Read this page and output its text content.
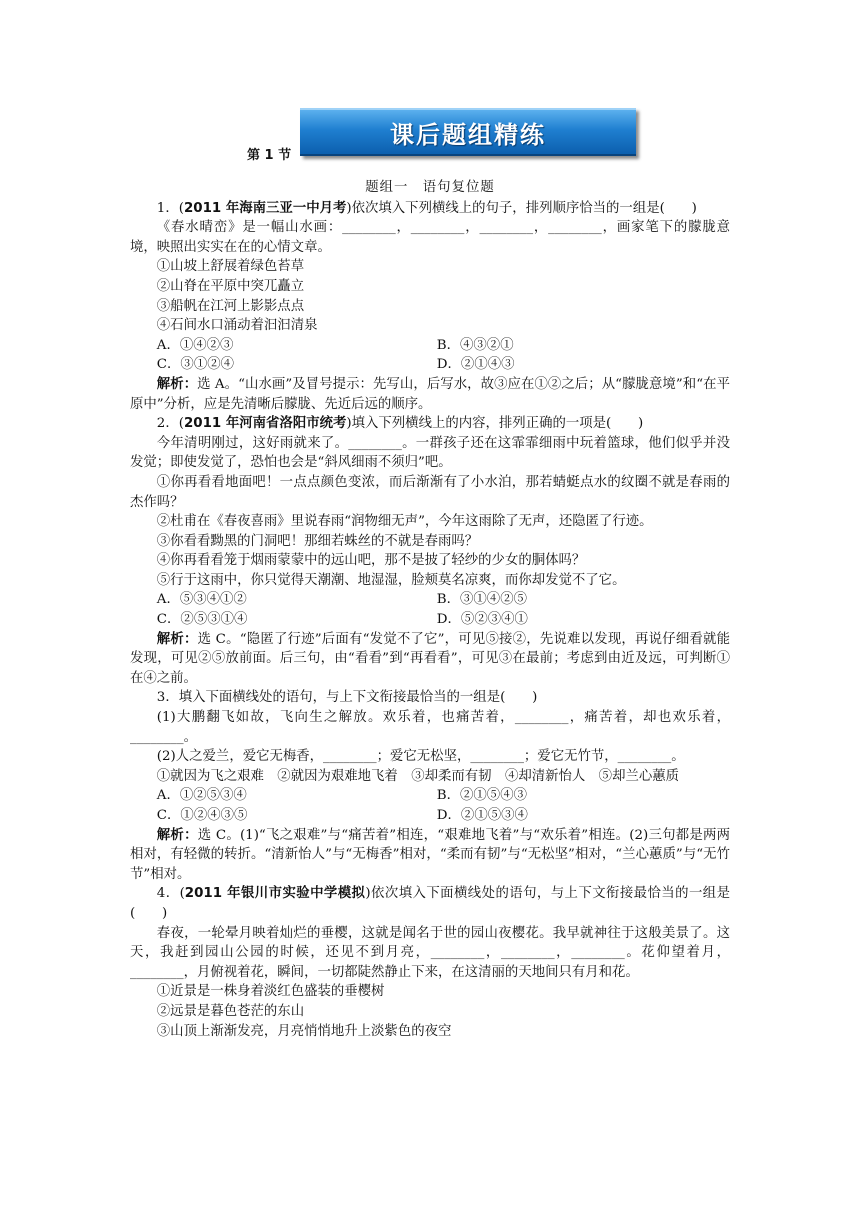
第 1 节
课后题组精练
题组一　语句复位题

1．(2011 年海南三亚一中月考)依次填入下列横线上的句子，排列顺序恰当的一组是(　　)

《春水晴峦》是一幅山水画：________，________，________，________，画家笔下的朦胧意境，映照出实实在在的心情文章。

①山坡上舒展着绿色苔草

②山脊在平原中突兀矗立

③船帆在江河上影影点点

④石间水口涌动着汩汩清泉

A．①④②③	B．④③②①
C．③①②④	D．②①④③

解析：选 A。“山水画”及冒号提示：先写山，后写水，故③应在①②之后；从“朦胧意境”和“在平原中”分析，应是先清晰后朦胧、先近后远的顺序。

2．(2011 年河南省洛阳市统考)填入下列横线上的内容，排列正确的一项是(　　)

今年清明刚过，这好雨就来了。________。一群孩子还在这霏霏细雨中玩着篮球，他们似乎并没发觉；即使发觉了，恐怕也会是“斜风细雨不须归”吧。

①你再看看地面吧！一点点颜色变浓，而后渐渐有了小水泊，那若蜻蜓点水的纹圈不就是春雨的杰作吗？

②杜甫在《春夜喜雨》里说春雨“润物细无声”，今年这雨除了无声，还隐匿了行迹。

③你看看黝黑的门洞吧！那细若蛛丝的不就是春雨吗？

④你再看看笼于烟雨蒙蒙中的远山吧，那不是披了轻纱的少女的胴体吗？

⑤行于这雨中，你只觉得天潮潮、地湿湿，脸颊莫名凉爽，而你却发觉不了它。

A．⑤③④①②	B．③①④②⑤
C．②⑤③①④	D．⑤②③④①

解析：选 C。“隐匿了行迹”后面有“发觉不了它”，可见⑤接②，先说难以发现，再说仔细看就能发现，可见②⑤放前面。后三句，由“看看”到“再看看”，可见③在最前；考虑到由近及远，可判断①在④之前。

3．填入下面横线处的语句，与上下文衔接最恰当的一组是(　　)

(1)大鹏翻飞如故，飞向生之解放。欢乐着，也痛苦着，________，痛苦着，却也欢乐着，________。

(2)人之爱兰，爱它无梅香，________；爱它无松坚，________；爱它无竹节，________。

①就因为飞之艰难　②就因为艰难地飞着　③却柔而有韧　④却清新怡人　⑤却兰心蕙质

A．①②⑤③④	B．②①⑤④③
C．①②④③⑤	D．②①⑤③④

解析：选 C。(1)“飞之艰难”与“痛苦着”相连，“艰难地飞着”与“欢乐着”相连。(2)三句都是两两相对，有轻微的转折。“清新怡人”与“无梅香”相对，“柔而有韧”与“无松坚”相对，“兰心蕙质”与“无竹节”相对。

4．(2011 年银川市实验中学模拟)依次填入下面横线处的语句，与上下文衔接最恰当的一组是(　　)

春夜，一轮晕月映着灿烂的垂樱，这就是闻名于世的园山夜樱花。我早就神往于这般美景了。这天，我赶到园山公园的时候，还见不到月亮，________，________，________。花仰望着月，________，月俯视着花，瞬间，一切都陡然静止下来，在这清丽的天地间只有月和花。

①近景是一株身着淡红色盛装的垂樱树

②远景是暮色苍茫的东山

③山顶上渐渐发亮，月亮悄悄地升上淡紫色的夜空
